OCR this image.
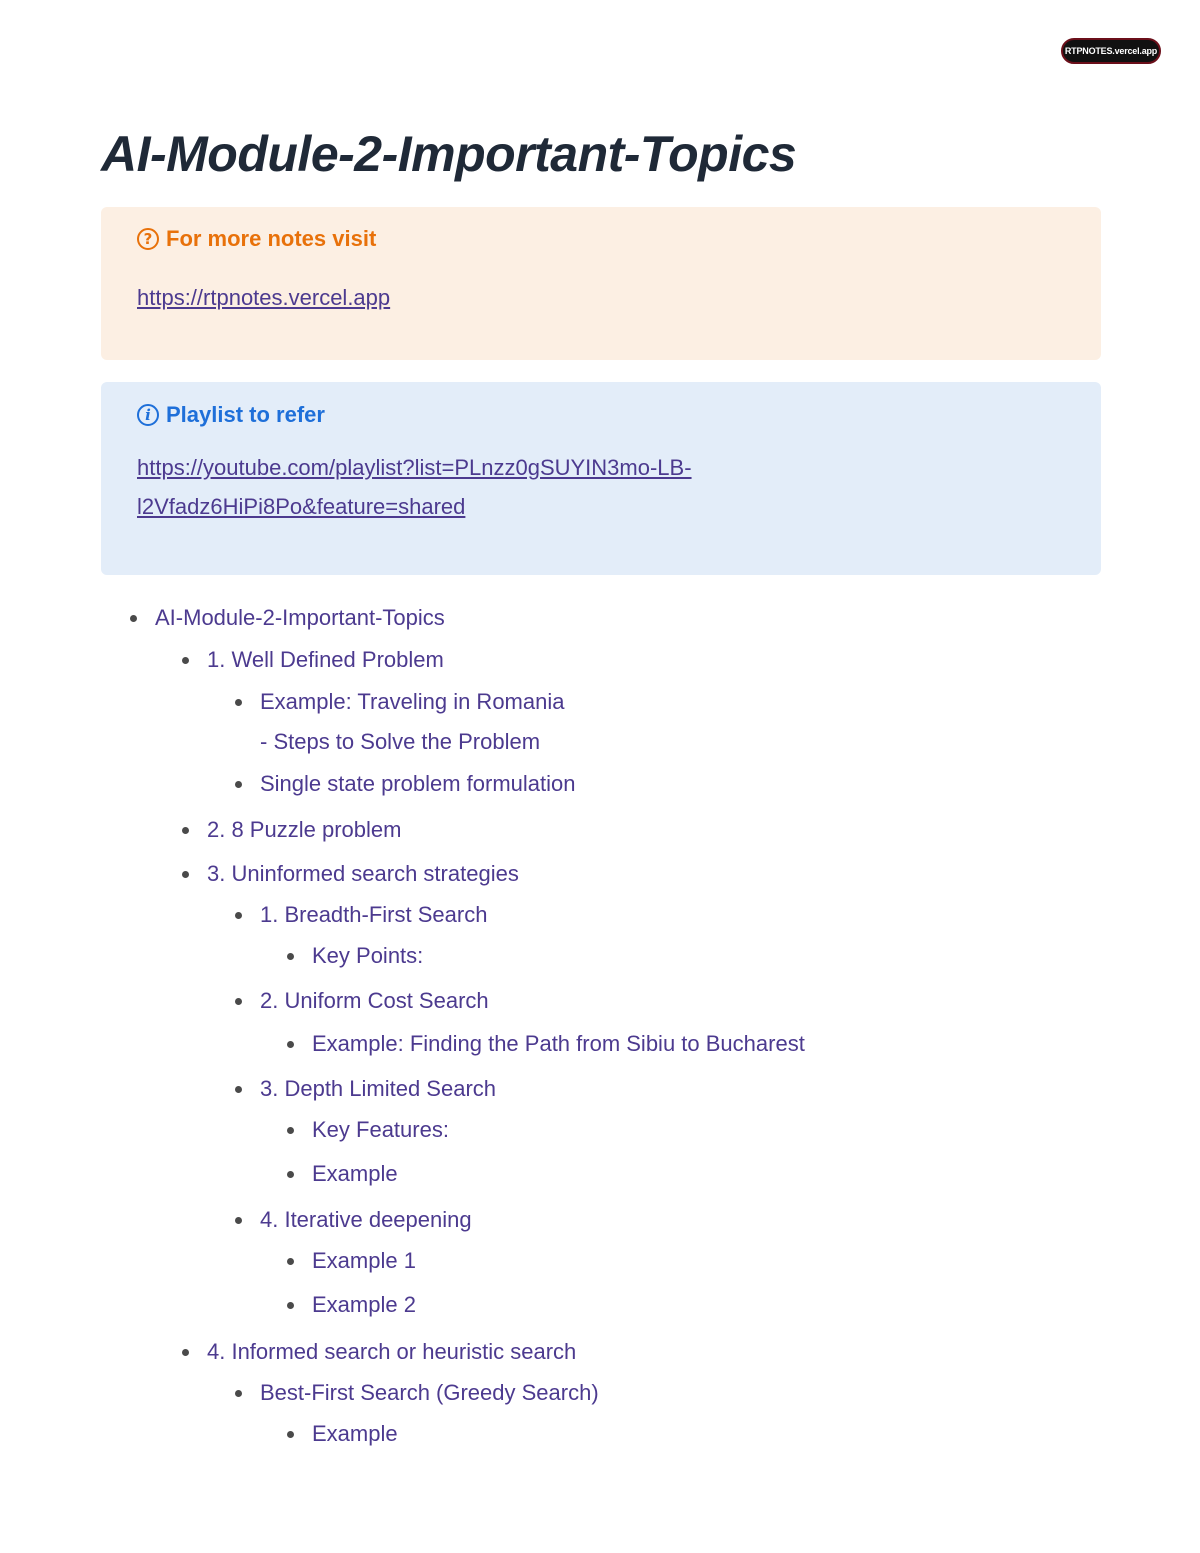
RTPNOTES.vercel.app
AI-Module-2-Important-Topics
? For more notes visit
https://rtpnotes.vercel.app
i Playlist to refer
https://youtube.com/playlist?list=PLnzz0gSUYIN3mo-LB-
l2Vfadz6HiPi8Po&feature=shared
AI-Module-2-Important-Topics
1. Well Defined Problem
Example: Traveling in Romania
- Steps to Solve the Problem
Single state problem formulation
2. 8 Puzzle problem
3. Uninformed search strategies
1. Breadth-First Search
Key Points:
2. Uniform Cost Search
Example: Finding the Path from Sibiu to Bucharest
3. Depth Limited Search
Key Features:
Example
4. Iterative deepening
Example 1
Example 2
4. Informed search or heuristic search
Best-First Search (Greedy Search)
Example
